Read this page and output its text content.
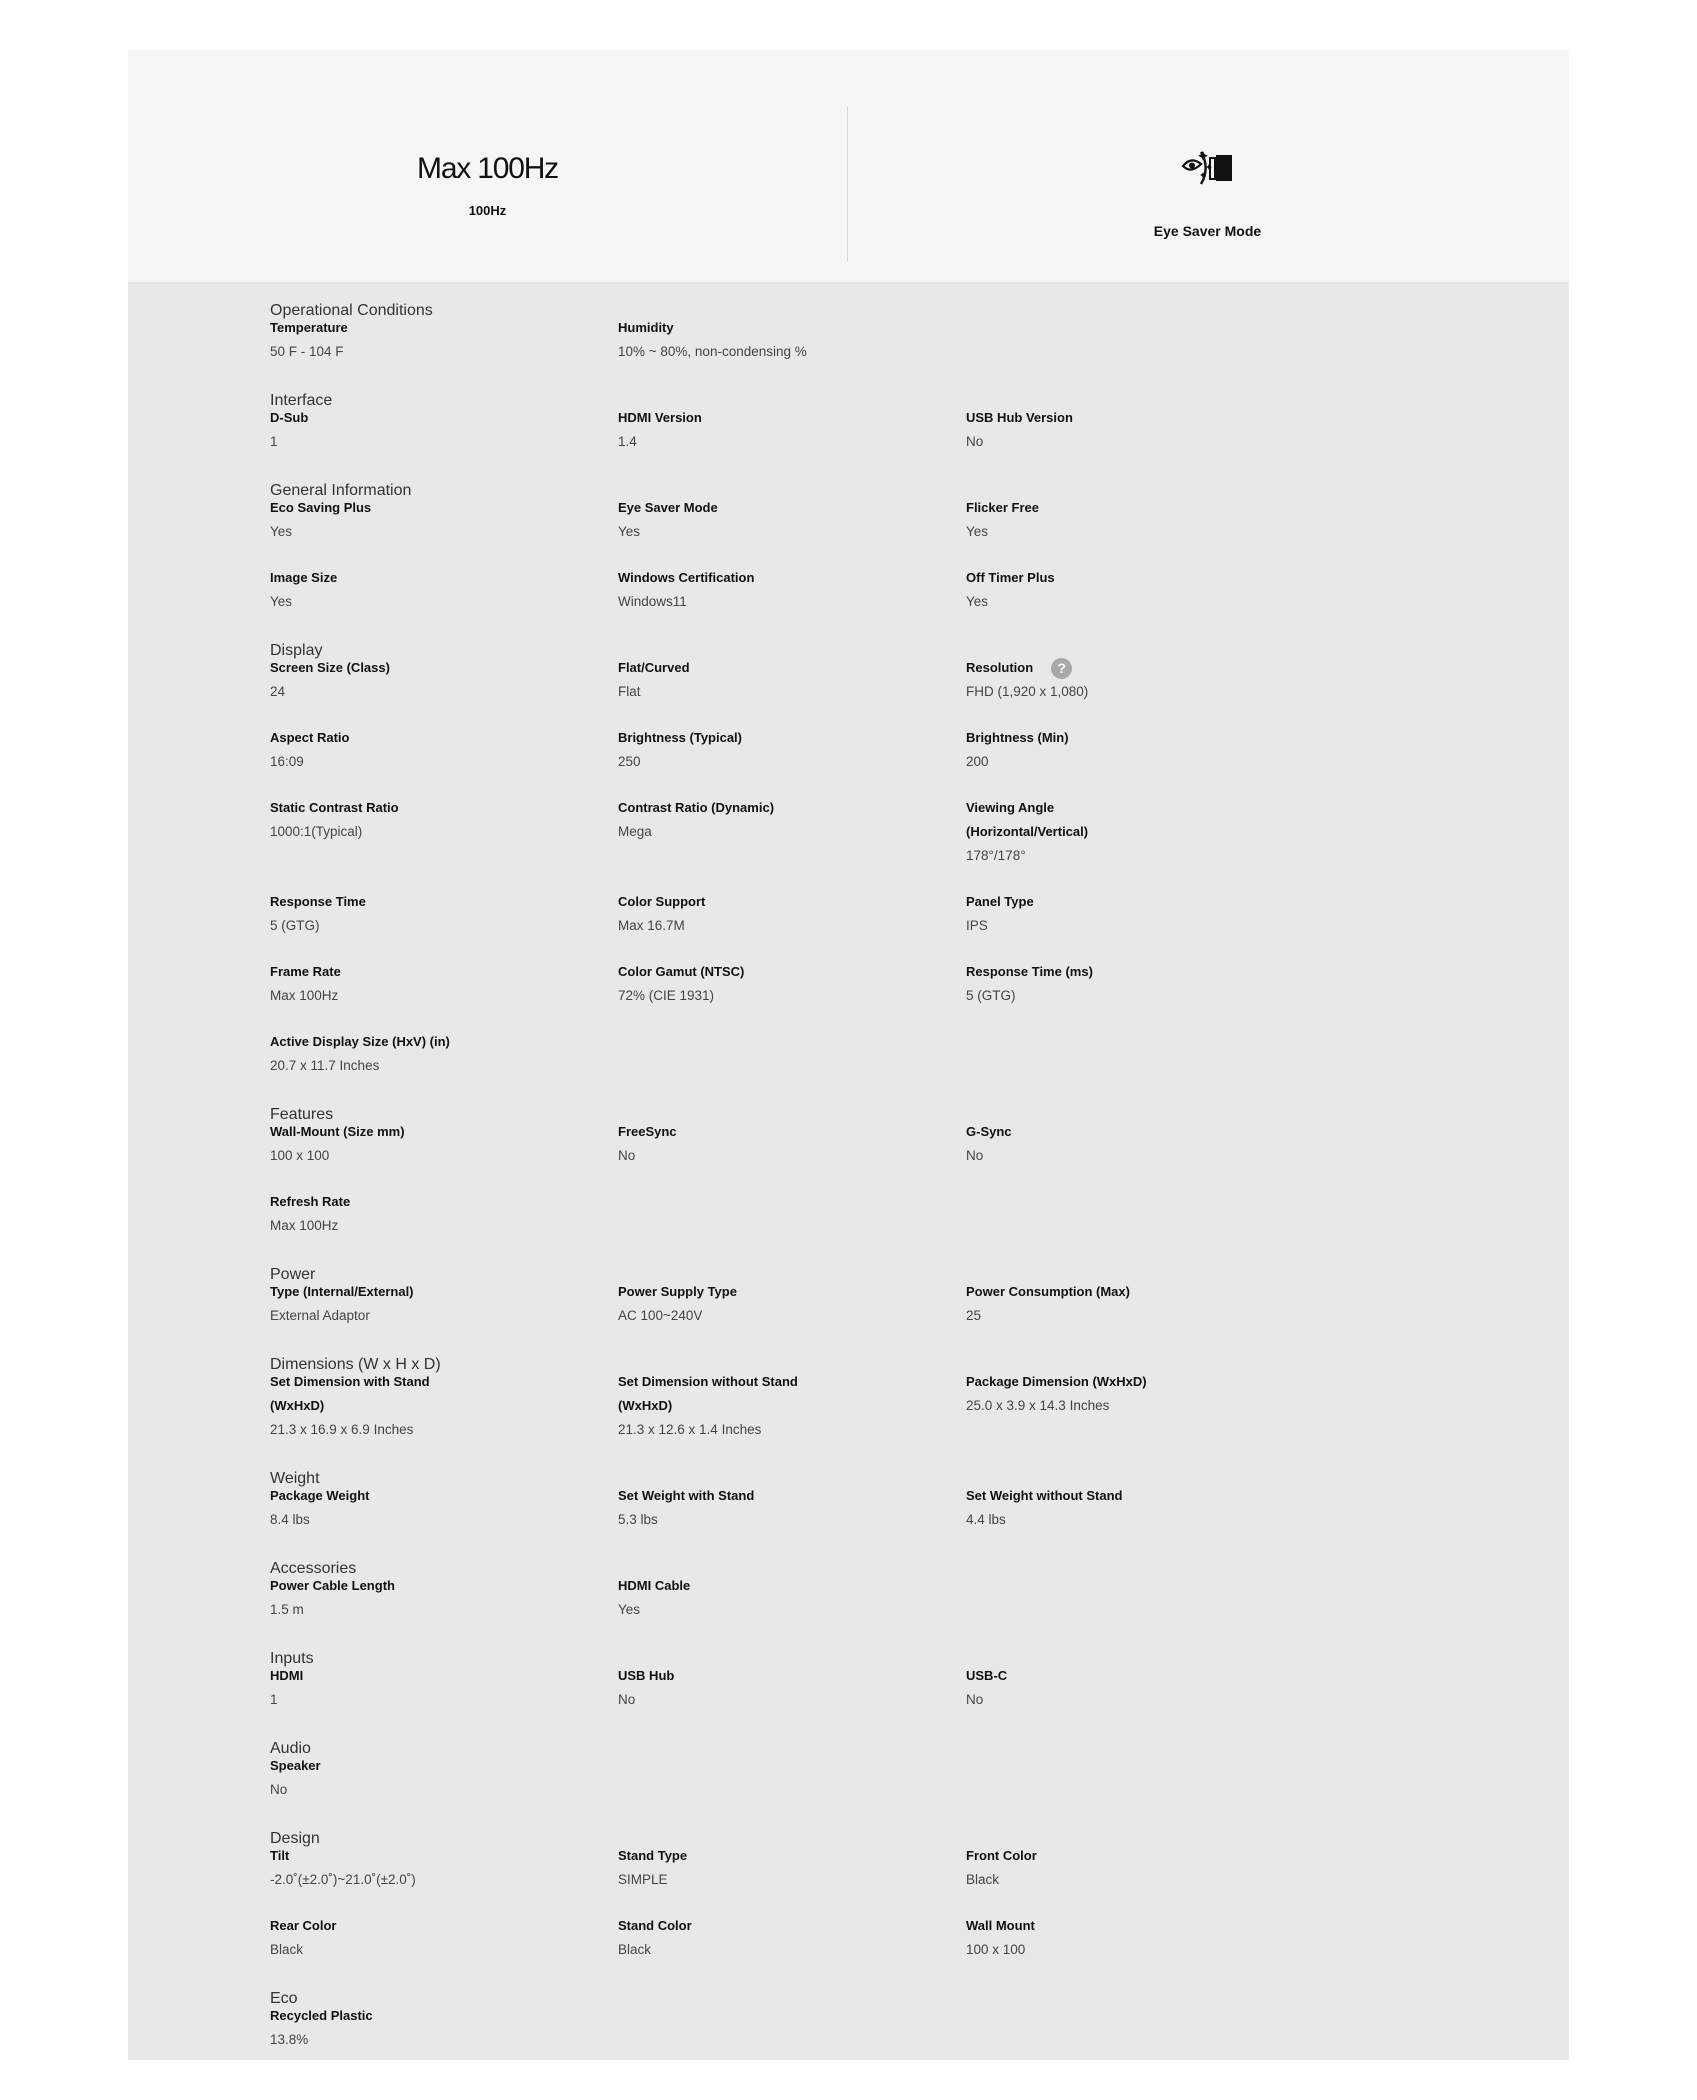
Max 100Hz
100Hz
Eye Saver Mode
Operational Conditions
Temperature
50 F - 104 F
Humidity
10% ~ 80%, non-condensing %
Interface
D-Sub
1
HDMI Version
1.4
USB Hub Version
No
General Information
Eco Saving Plus
Yes
Eye Saver Mode
Yes
Flicker Free
Yes
Image Size
Yes
Windows Certification
Windows11
Off Timer Plus
Yes
Display
Screen Size (Class)
24
Flat/Curved
Flat
Resolution ?
FHD (1,920 x 1,080)
Aspect Ratio
16:09
Brightness (Typical)
250
Brightness (Min)
200
Static Contrast Ratio
1000:1(Typical)
Contrast Ratio (Dynamic)
Mega
Viewing Angle
(Horizontal/Vertical)
178°/178°
Response Time
5 (GTG)
Color Support
Max 16.7M
Panel Type
IPS
Frame Rate
Max 100Hz
Color Gamut (NTSC)
72% (CIE 1931)
Response Time (ms)
5 (GTG)
Active Display Size (HxV) (in)
20.7 x 11.7 Inches
Features
Wall-Mount (Size mm)
100 x 100
FreeSync
No
G-Sync
No
Refresh Rate
Max 100Hz
Power
Type (Internal/External)
External Adaptor
Power Supply Type
AC 100~240V
Power Consumption (Max)
25
Dimensions (W x H x D)
Set Dimension with Stand
(WxHxD)
21.3 x 16.9 x 6.9 Inches
Set Dimension without Stand
(WxHxD)
21.3 x 12.6 x 1.4 Inches
Package Dimension (WxHxD)
25.0 x 3.9 x 14.3 Inches
Weight
Package Weight
8.4 lbs
Set Weight with Stand
5.3 lbs
Set Weight without Stand
4.4 lbs
Accessories
Power Cable Length
1.5 m
HDMI Cable
Yes
Inputs
HDMI
1
USB Hub
No
USB-C
No
Audio
Speaker
No
Design
Tilt
-2.0˚(±2.0˚)~21.0˚(±2.0˚)
Stand Type
SIMPLE
Front Color
Black
Rear Color
Black
Stand Color
Black
Wall Mount
100 x 100
Eco
Recycled Plastic
13.8%
